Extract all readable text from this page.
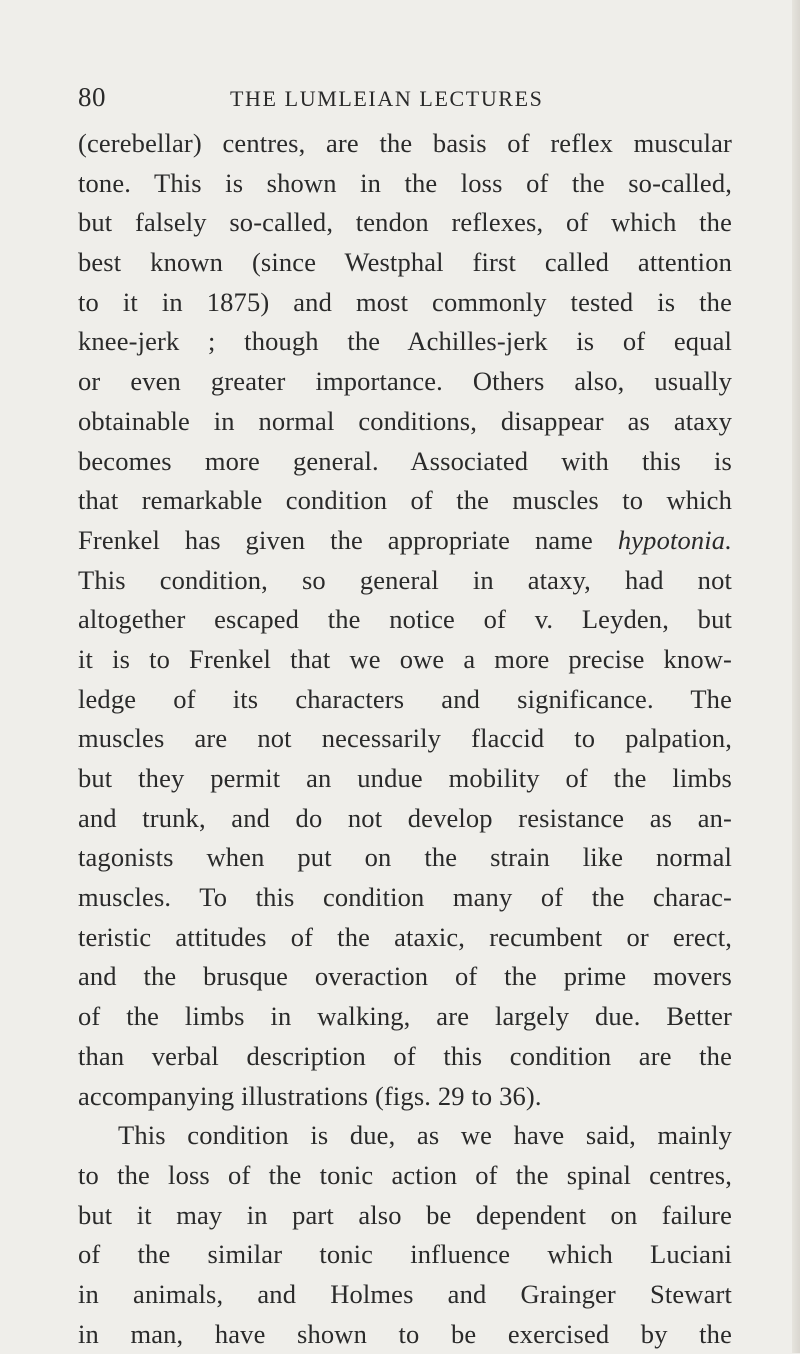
80	THE LUMLEIAN LECTURES
(cerebellar) centres, are the basis of reflex muscular
tone. This is shown in the loss of the so-called,
but falsely so-called, tendon reflexes, of which the
best known (since Westphal first called attention
to it in 1875) and most commonly tested is the
knee-jerk ; though the Achilles-jerk is of equal
or even greater importance. Others also, usually
obtainable in normal conditions, disappear as ataxy
becomes more general. Associated with this is
that remarkable condition of the muscles to which
Frenkel has given the appropriate name hypotonia.
This condition, so general in ataxy, had not
altogether escaped the notice of v. Leyden, but
it is to Frenkel that we owe a more precise know-
ledge of its characters and significance. The
muscles are not necessarily flaccid to palpation,
but they permit an undue mobility of the limbs
and trunk, and do not develop resistance as an-
tagonists when put on the strain like normal
muscles. To this condition many of the charac-
teristic attitudes of the ataxic, recumbent or erect,
and the brusque overaction of the prime movers
of the limbs in walking, are largely due. Better
than verbal description of this condition are the
accompanying illustrations (figs. 29 to 36).
This condition is due, as we have said, mainly
to the loss of the tonic action of the spinal centres,
but it may in part also be dependent on failure
of the similar tonic influence which Luciani
in animals, and Holmes and Grainger Stewart
in man, have shown to be exercised by the
